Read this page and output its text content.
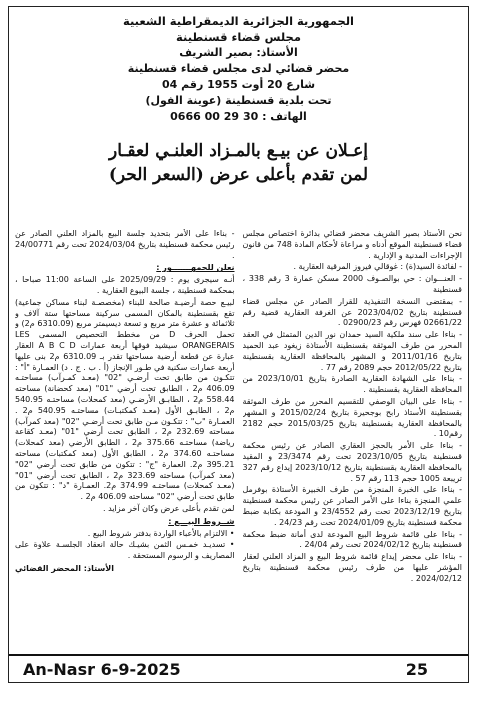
الجمهورية الجزائرية الديمقراطية الشعبية
مجلس قضاء قسنطينة
الأستاذ: بصير الشريف
محضر قضائي لدى مجلس قضاء قسنطينة
شارع 20 أوت 1955 رقم 04
تحت بلدية قسنطينة (عوينة الفول)
الهاتف : 30 29 00 0666
إعـلان عن بيـع بالمـزاد العلنـي لعقـار
لمن تقدم بأعلى عرض (السعر الحر)

نحن الأستاذ بصير الشريف محضر قضائي بدائرة اختصاص مجلس قضاء قسنطينة الموقع أدناه و مراعاة لأحكام المادة 748 من قانون الإجراءات المدنية و الإدارية .

- لفائدة السيد(ة) : غوقالي فيروز المرقية العقارية .

- العنـــوان : حي بوالصـوف 2000 مسكن عمارة 3 رقم 338 ، قسنطينة

- بمقتضى النسخة التنفيذية للقرار الصادر عن مجلس قضاء قسنطينة بتاريخ 2023/04/02 عن الغرفة العقارية قضية رقم 02661/22 فهرس رقم 02900/23 .

- بناءا على سند ملكية السيد حمدان نور الدين المتمثل في العقد المحرر من طرف الموثقة بقسنطينة الأستاذة زيغود عبد الحميد بتاريخ 2011/01/16 و المشهر بالمحافظة العقارية بقسنطينة بتاريخ 2012/05/22 حجم 2089 رقم 77 .

- بناءا على الشهادة العقارية الصادرة بتاريخ 2023/10/01 من المحافظة العقارية بقسنطينة .

- بناءا على البيان الوصفي للتقسيم المحرر من طرف الموثقة بقسنطينة الأستاذ رابح بوجحيرة بتاريخ 2015/02/24 و المشهر بالمحافظة العقارية بقسنطينة بتاريخ 2015/03/25 حجم 2182 رقم10 .

- بناءا على الأمر بالحجز العقاري الصادر عن رئيس محكمة قسنطينة بتاريخ 2023/10/05 تحت رقم 23/3474 و المقيد بالمحافظة العقارية بقسنطينة بتاريخ 2023/10/12 إيداع رقم 327 تريبعة 1005 حجم 113 رقم 57 .

- بناءا على الخبرة المنجزة من طرف الخبيرة الأستاذة بوفرمل علمي المنجزة بناءا على الأمر الصادر عن رئيس محكمة قسنطينة بتاريخ 2023/12/19 تحت رقم 23/4552 و المودعة بكتابة ضبط محكمة قسنطينة بتاريخ 2024/01/09 تحت رقم 24/23 .

- بناءا على قائمة شروط البيع المودعة لدى أمانة ضبط محكمة قسنطينة بتاريخ 2024/02/12 تحت رقم 24/04 .

- بناءا على محضر إيداع قائمة شروط البيع و المزاد العلني لعقار المؤشر عليها من طرف رئيس محكمة قسنطينة بتاريخ 2024/02/12 .

- بناءا على الأمر بتحديد جلسة البيع بالمزاد العلني الصادر عن رئيس محكمة قسنطينة بتاريخ 2024/03/04 تحت رقم 24/00771 .

نعلن للجمهـــــــور :

أنـه سيجرى يوم : 2025/09/29 على الساعة 11:00 صباحا ، بمحكمة قسنطينة ، جلسة البيوع العقارية .

لبيـع حصة أرضيـة صالحة للبناء (مخصصـة لبناء مساكن جماعية) تقع بقسنطينة بالمكان المسمى سركينة مساحتها ستة آلاف و ثلاثمائة و عشرة متر مربع و تسعة ديسيمتر مربع (6310.09 م2) و تحمل الحرف D من مخطط التحصيص المسمى LES ORANGERAIS سيشيد فوقها أربعة عمارات A B C D العقار عبارة عن قطعة أرضية مساحتها تقدر بـ 6310.09 م2 بنى عليها أربعة عمارات سكنية في طـور الإنجاز (أ . ب . ج . د) العمـارة "أ" : تتكـون من طابق تحت أرضـي "02" (معـد كمـرآب) مساحتـه 406.09 م2 ، الطابق تحت أرضي "01" (معد كحضانة) مساحته 558.44 م2 ، الطابـق الأرضـي (معد كمحلات) مساحتـه 540.95 م2 ، الطابـق الأول (معـد كمكتبـات) مساحتـه 540.95 م2 . العمـارة "ب" : تتكـون مـن طابق تحت أرضـي "02" (معد كمرآب) مساحته 232.69 م2 ، الطابق تحت أرضي "01" (معـد كقاعة رياضة) مساحتـه 375.66 م2 ، الطابق الأرضي (معد كمحلات) مساحتـه 374.60 م2 ، الطابق الأول (معد كمكتبات) مساحته 395.21 م2. العمارة "ج" : تتكون من طابق تحت أرضي "02" (معد كمرآب) مساحته 323.69 م2 ، الطابق تحت أرضي "01" (معـد كمحلات) مساحتـه 374.99 م2. العمـارة "د" : تتكون من طابق تحت أرضي "02" مساحته 406.09 م2 .

لمن تقدم بأعلى عرض وكان آخر مزايد .

شــروط البيـــع :

• الالتزام بالأعباء الواردة بدفتر شروط البيع .

• تسديـد خمـس الثمن بشيـك حالة انعقاد الجلسـة علاوة على المصاريف و الرسوم المستحقة .

الأستاذ: المحضر القضائي

An-Nasr 6-9-2025	25
